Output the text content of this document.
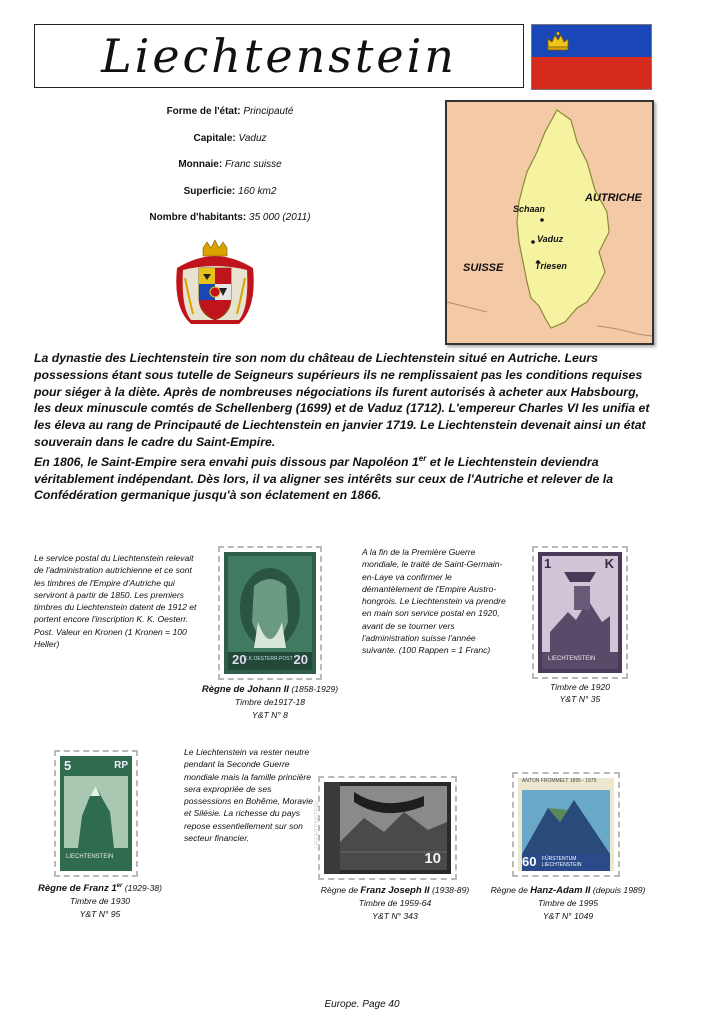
Liechtenstein
Forme de l'état: Principauté
Capitale: Vaduz
Monnaie: Franc suisse
Superficie: 160 km2
Nombre d'habitants: 35 000 (2011)
Schaan
Vaduz
Triesen
SUISSE
AUTRICHE

La dynastie des Liechtenstein tire son nom du château de Liechtenstein situé en Autriche. Leurs possessions étant sous tutelle de Seigneurs supérieurs ils ne remplissaient pas les conditions requises pour siéger à la diète. Après de nombreuses négociations ils furent autorisés à acheter aux Habsbourg, les deux minuscule comtés de Schellenberg (1699) et de Vaduz (1712). L'empereur Charles VI les unifia et les éleva au rang de Principauté de Liechtenstein en janvier 1719. Le Liechtenstein devenait ainsi un état souverain dans le cadre du Saint-Empire.

En 1806, le Saint-Empire sera envahi puis dissous par Napoléon 1er et le Liechtenstein deviendra véritablement indépendant. Dès lors, il va aligner ses intérêts sur ceux de l'Autriche et relever de la Confédération germanique jusqu'à son éclatement en 1866.

Le service postal du Liechtenstein relevait de l'administration autrichienne et ce sont les timbres de l'Empire d'Autriche qui serviront à partir de 1850. Les premiers timbres du Liechtenstein datent de 1912 et portent encore l'inscription K. K. Oesterr. Post. Valeur en Kronen (1 Kronen = 100 Heller)
A la fin de la Première Guerre mondiale, le traité de Saint-Germain-en-Laye va confirmer le démantèlement de l'Empire Austro-hongrois. Le Liechtenstein va prendre en main son service postal en 1920, avant de se tourner vers l'administration suisse l'année suivante. (100 Rappen = 1 Franc)
20	20
K.K.OESTERR.POST
1	K
LIECHTENSTEIN
Règne de Johann II (1858-1929)
Timbre de1917-18
Y&T N° 8
Timbre de 1920
Y&T N° 35
Le Liechtenstein va rester neutre pendant la Seconde Guerre mondiale mais la famille princière sera expropriée de ses possessions en Bohême, Moravie et Silésie. La richesse du pays repose essentiellement sur son secteur financier.
5	RP
LIECHTENSTEIN	10
LIECHTENSTEIN
ANTON FROMMELT 1895 - 1975
60 FÜRSTENTUM LIECHTENSTEIN
Règne de Franz 1er (1929-38)
Timbre de 1930
Y&T N° 95
Règne de Franz Joseph II (1938-89)
Timbre de 1959-64
Y&T N° 343
Règne de Hanz-Adam II (depuis 1989)
Timbre de 1995
Y&T N° 1049
Europe. Page 40
